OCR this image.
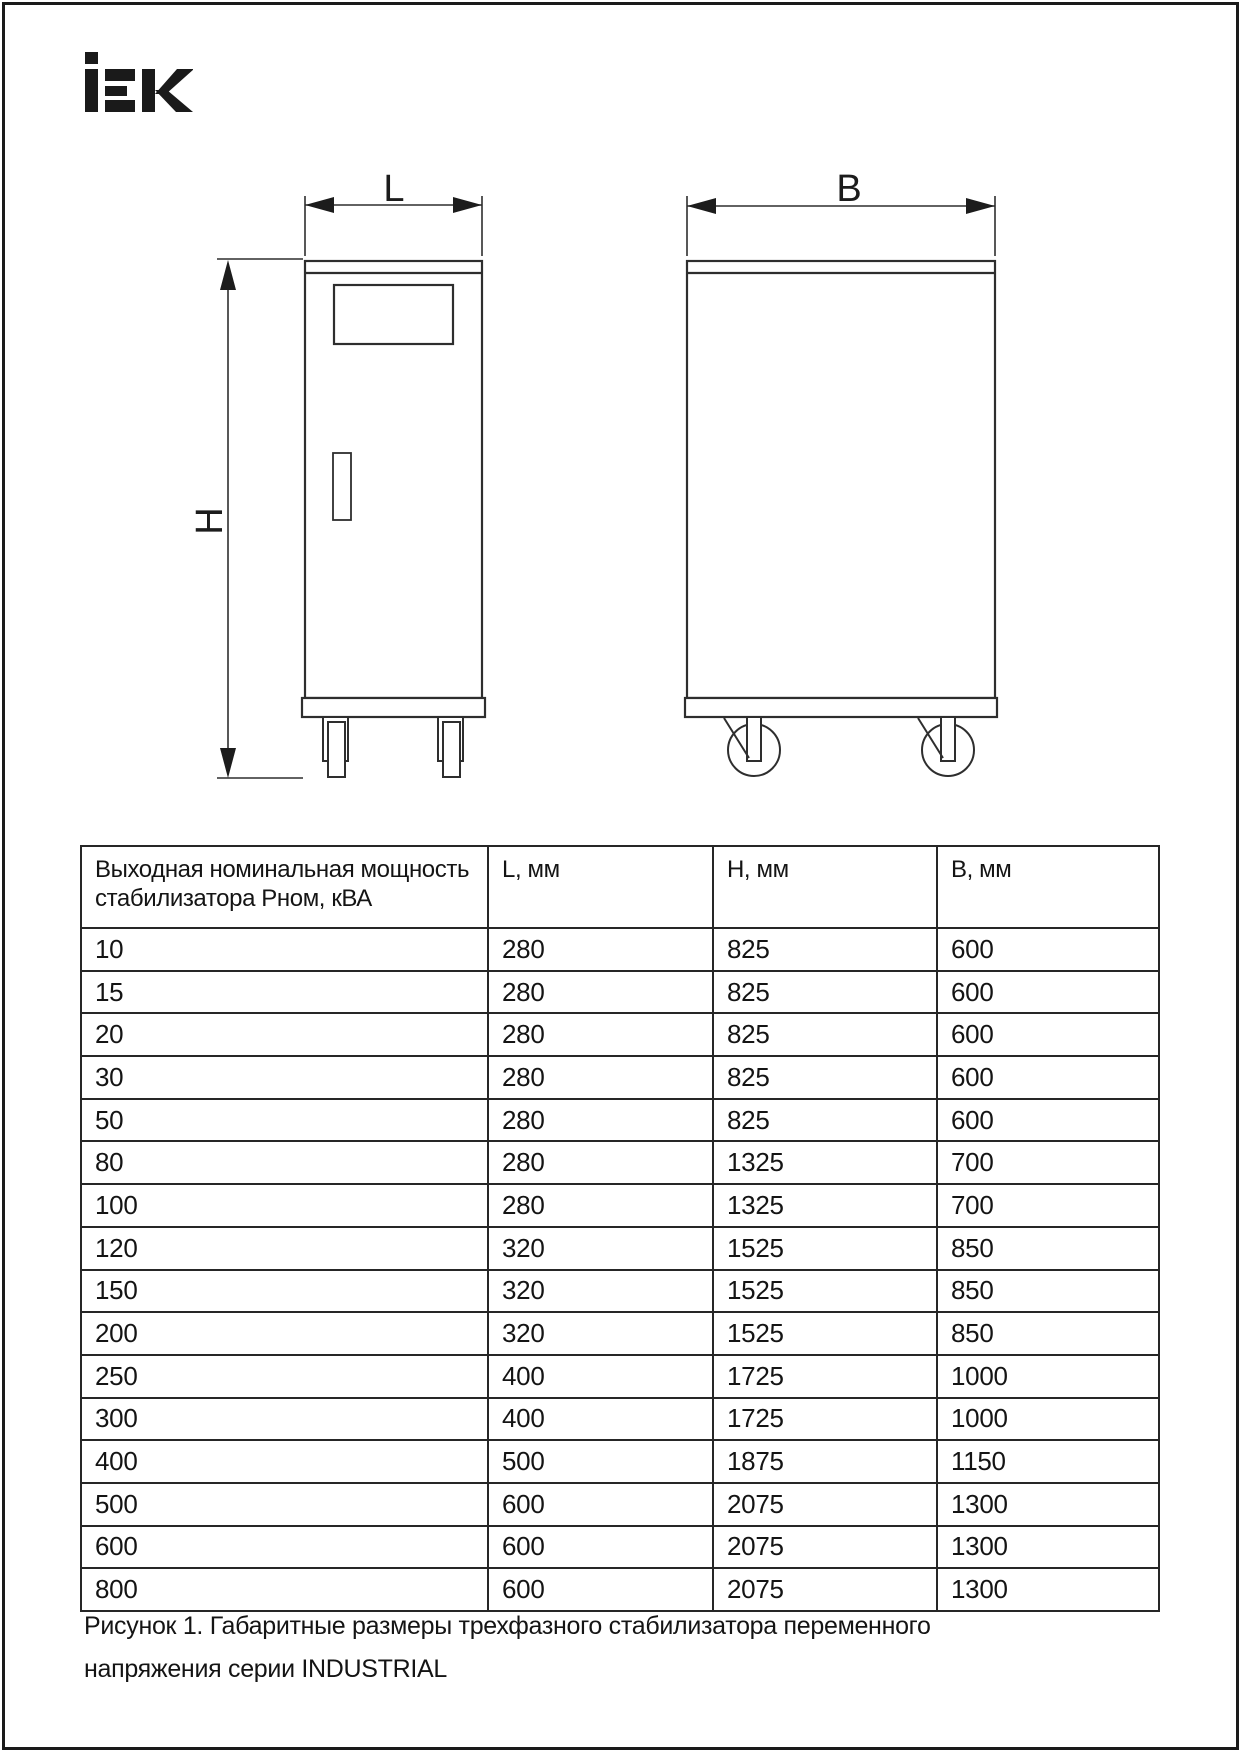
L
H
B
Выходная номинальная мощность стабилизатора Рном, кВА	L, мм	H, мм	B, мм
10	280	825	600
15	280	825	600
20	280	825	600
30	280	825	600
50	280	825	600
80	280	1325	700
100	280	1325	700
120	320	1525	850
150	320	1525	850
200	320	1525	850
250	400	1725	1000
300	400	1725	1000
400	500	1875	1150
500	600	2075	1300
600	600	2075	1300
800	600	2075	1300
Рисунок 1. Габаритные размеры трехфазного стабилизатора переменного
напряжения серии INDUSTRIAL
